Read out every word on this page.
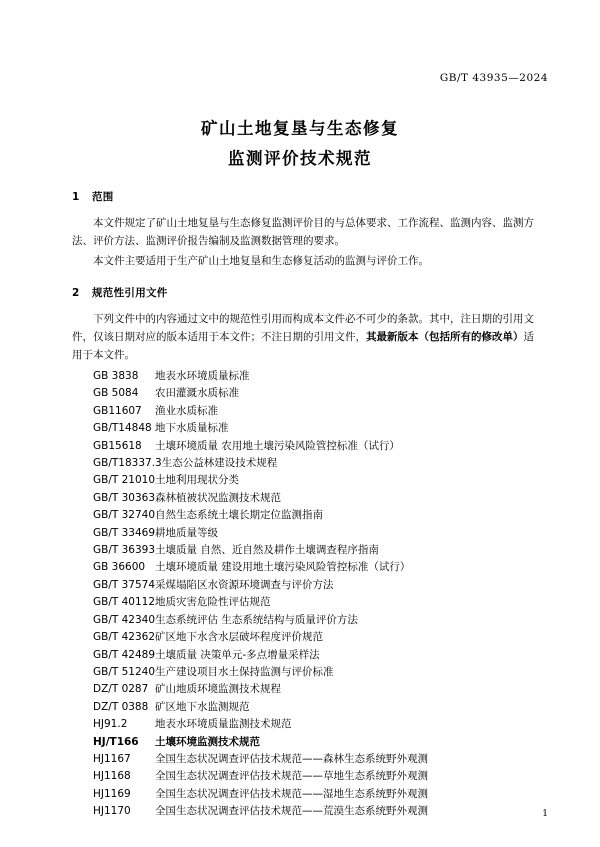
GB/T 43935—2024
矿山土地复垦与生态修复
监测评价技术规范
1 范围

本文件规定了矿山土地复垦与生态修复监测评价目的与总体要求、工作流程、监测内容、监测方法、评价方法、监测评价报告编制及监测数据管理的要求。

本文件主要适用于生产矿山土地复垦和生态修复活动的监测与评价工作。

2 规范性引用文件

下列文件中的内容通过文中的规范性引用而构成本文件必不可少的条款。其中，注日期的引用文件，仅该日期对应的版本适用于本文件；不注日期的引用文件，其最新版本（包括所有的修改单）适用于本文件。

GB 3838 地表水环境质量标准
GB 5084 农田灌溉水质标准
GB11607 渔业水质标准
GB/T14848 地下水质量标准
GB15618 土壤环境质量 农用地土壤污染风险管控标准（试行）
GB/T18337.3生态公益林建设技术规程
GB/T 21010土地利用现状分类
GB/T 30363森林植被状况监测技术规范
GB/T 32740自然生态系统土壤长期定位监测指南
GB/T 33469耕地质量等级
GB/T 36393土壤质量 自然、近自然及耕作土壤调查程序指南
GB 36600 土壤环境质量 建设用地土壤污染风险管控标准（试行）
GB/T 37574采煤塌陷区水资源环境调查与评价方法
GB/T 40112地质灾害危险性评估规范
GB/T 42340生态系统评估 生态系统结构与质量评价方法
GB/T 42362矿区地下水含水层破坏程度评价规范
GB/T 42489土壤质量 决策单元-多点增量采样法
GB/T 51240生产建设项目水土保持监测与评价标准
DZ/T 0287 矿山地质环境监测技术规程
DZ/T 0388 矿区地下水监测规范
HJ91.2	地表水环境质量监测技术规范
HJ/T166 土壤环境监测技术规范
HJ1167 全国生态状况调查评估技术规范——森林生态系统野外观测
HJ1168 全国生态状况调查评估技术规范——草地生态系统野外观测
HJ1169 全国生态状况调查评估技术规范——湿地生态系统野外观测
HJ1170 全国生态状况调查评估技术规范——荒漠生态系统野外观测	1
